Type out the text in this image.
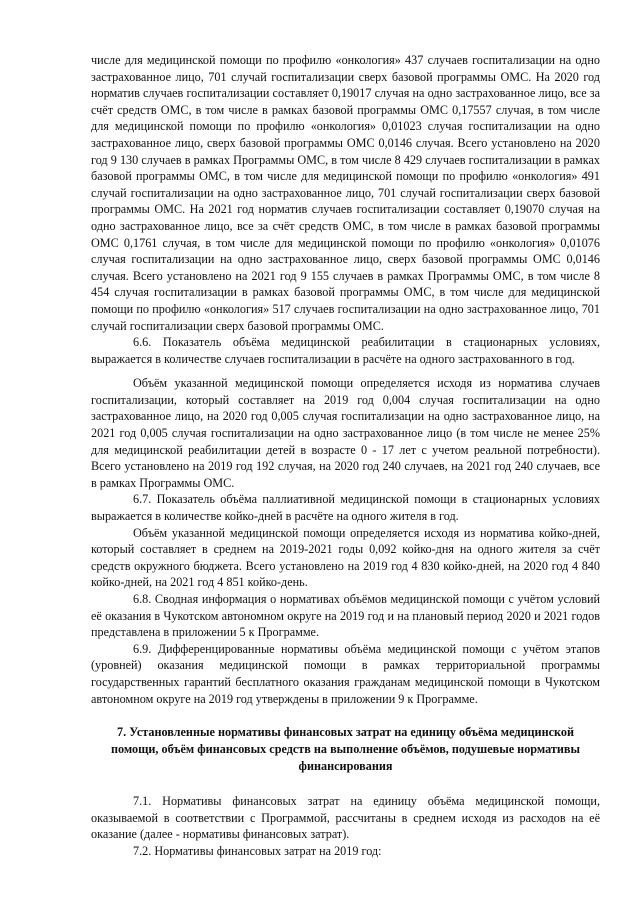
числе для медицинской помощи по профилю «онкология» 437 случаев госпитализации на одно застрахованное лицо, 701 случай госпитализации сверх базовой программы ОМС. На 2020 год норматив случаев госпитализации составляет 0,19017 случая на одно застрахованное лицо, все за счёт средств ОМС, в том числе в рамках базовой программы ОМС 0,17557 случая, в том числе для медицинской помощи по профилю «онкология» 0,01023 случая госпитализации на одно застрахованное лицо, сверх базовой программы ОМС 0,0146 случая. Всего установлено на 2020 год 9 130 случаев в рамках Программы ОМС, в том числе 8 429 случаев госпитализации в рамках базовой программы ОМС, в том числе для медицинской помощи по профилю «онкология» 491 случай госпитализации на одно застрахованное лицо, 701 случай госпитализации сверх базовой программы ОМС. На 2021 год норматив случаев госпитализации составляет 0,19070 случая на одно застрахованное лицо, все за счёт средств ОМС, в том числе в рамках базовой программы ОМС 0,1761 случая, в том числе для медицинской помощи по профилю «онкология» 0,01076 случая госпитализации на одно застрахованное лицо, сверх базовой программы ОМС 0,0146 случая. Всего установлено на 2021 год 9 155 случаев в рамках Программы ОМС, в том числе 8 454 случая госпитализации в рамках базовой программы ОМС, в том числе для медицинской помощи по профилю «онкология» 517 случаев госпитализации на одно застрахованное лицо, 701 случай госпитализации сверх базовой программы ОМС.

6.6. Показатель объёма медицинской реабилитации в стационарных условиях, выражается в количестве случаев госпитализации в расчёте на одного застрахованного в год.

Объём указанной медицинской помощи определяется исходя из норматива случаев госпитализации, который составляет на 2019 год 0,004 случая госпитализации на одно застрахованное лицо, на 2020 год 0,005 случая госпитализации на одно застрахованное лицо, на 2021 год 0,005 случая госпитализации на одно застрахованное лицо (в том числе не менее 25% для медицинской реабилитации детей в возрасте 0 - 17 лет с учетом реальной потребности). Всего установлено на 2019 год 192 случая, на 2020 год 240 случаев, на 2021 год 240 случаев, все в рамках Программы ОМС.

6.7. Показатель объёма паллиативной медицинской помощи в стационарных условиях выражается в количестве койко-дней в расчёте на одного жителя в год.

Объём указанной медицинской помощи определяется исходя из норматива койко-дней, который составляет в среднем на 2019-2021 годы 0,092 койко-дня на одного жителя за счёт средств окружного бюджета. Всего установлено на 2019 год 4 830 койко-дней, на 2020 год 4 840 койко-дней, на 2021 год 4 851 койко-день.

6.8. Сводная информация о нормативах объёмов медицинской помощи с учётом условий её оказания в Чукотском автономном округе на 2019 год и на плановый период 2020 и 2021 годов представлена в приложении 5 к Программе.

6.9. Дифференцированные нормативы объёма медицинской помощи с учётом этапов (уровней) оказания медицинской помощи в рамках территориальной программы государственных гарантий бесплатного оказания гражданам медицинской помощи в Чукотском автономном округе на 2019 год утверждены в приложении 9 к Программе.

7. Установленные нормативы финансовых затрат на единицу объёма медицинской помощи, объём финансовых средств на выполнение объёмов, подушевые нормативы финансирования

7.1. Нормативы финансовых затрат на единицу объёма медицинской помощи, оказываемой в соответствии с Программой, рассчитаны в среднем исходя из расходов на её оказание (далее - нормативы финансовых затрат).

7.2. Нормативы финансовых затрат на 2019 год:
